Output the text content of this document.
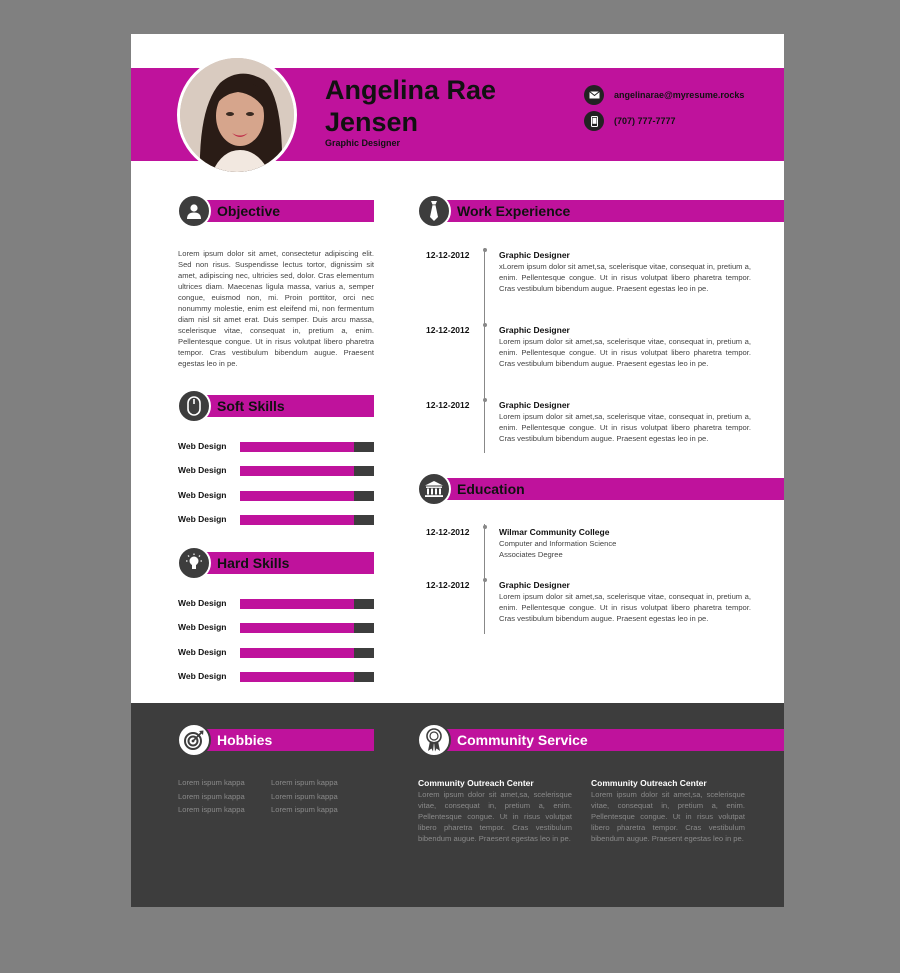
Angelina Rae
Jensen
Graphic Designer
angelinarae@myresume.rocks
(707) 777-7777
Objective
Lorem ipsum dolor sit amet, consectetur adipiscing elit. Sed non risus. Suspendisse lectus tortor, dignissim sit amet, adipiscing nec, ultricies sed, dolor. Cras elementum ultrices diam. Maecenas ligula massa, varius a, semper congue, euismod non, mi. Proin porttitor, orci nec nonummy molestie, enim est eleifend mi, non fermentum diam nisl sit amet erat. Duis semper. Duis arcu massa, scelerisque vitae, consequat in, pretium a, enim. Pellentesque congue. Ut in risus volutpat libero pharetra tempor. Cras vestibulum bibendum augue. Praesent egestas leo in pe.
Soft Skills
Web Design
Web Design
Web Design
Web Design
Hard Skills
Web Design
Web Design
Web Design
Web Design
Work Experience
12-12-2012	Graphic Designer
xLorem ipsum dolor sit amet,sa, scelerisque vitae, consequat in, pretium a, enim. Pellentesque congue. Ut in risus volutpat libero pharetra tempor. Cras vestibulum bibendum augue. Praesent egestas leo in pe.
12-12-2012	Graphic Designer
Lorem ipsum dolor sit amet,sa, scelerisque vitae, consequat in, pretium a, enim. Pellentesque congue. Ut in risus volutpat libero pharetra tempor. Cras vestibulum bibendum augue. Praesent egestas leo in pe.
12-12-2012	Graphic Designer
Lorem ipsum dolor sit amet,sa, scelerisque vitae, consequat in, pretium a, enim. Pellentesque congue. Ut in risus volutpat libero pharetra tempor. Cras vestibulum bibendum augue. Praesent egestas leo in pe.
Education
12-12-2012	Wilmar Community College
Computer and Information Science
Associates Degree
12-12-2012	Graphic Designer
Lorem ipsum dolor sit amet,sa, scelerisque vitae, consequat in, pretium a, enim. Pellentesque congue. Ut in risus volutpat libero pharetra tempor. Cras vestibulum bibendum augue. Praesent egestas leo in pe.
Hobbies
Lorem ispum kappa
Lorem ispum kappa
Lorem ispum kappa
Lorem ispum kappa
Lorem ispum kappa
Lorem ispum kappa
Community Service
Community Outreach Center
Lorem ipsum dolor sit amet,sa, scelerisque vitae, consequat in, pretium a, enim. Pellentesque congue. Ut in risus volutpat libero pharetra tempor. Cras vestibulum bibendum augue. Praesent egestas leo in pe.
Community Outreach Center
Lorem ipsum dolor sit amet,sa, scelerisque vitae, consequat in, pretium a, enim. Pellentesque congue. Ut in risus volutpat libero pharetra tempor. Cras vestibulum bibendum augue. Praesent egestas leo in pe.
